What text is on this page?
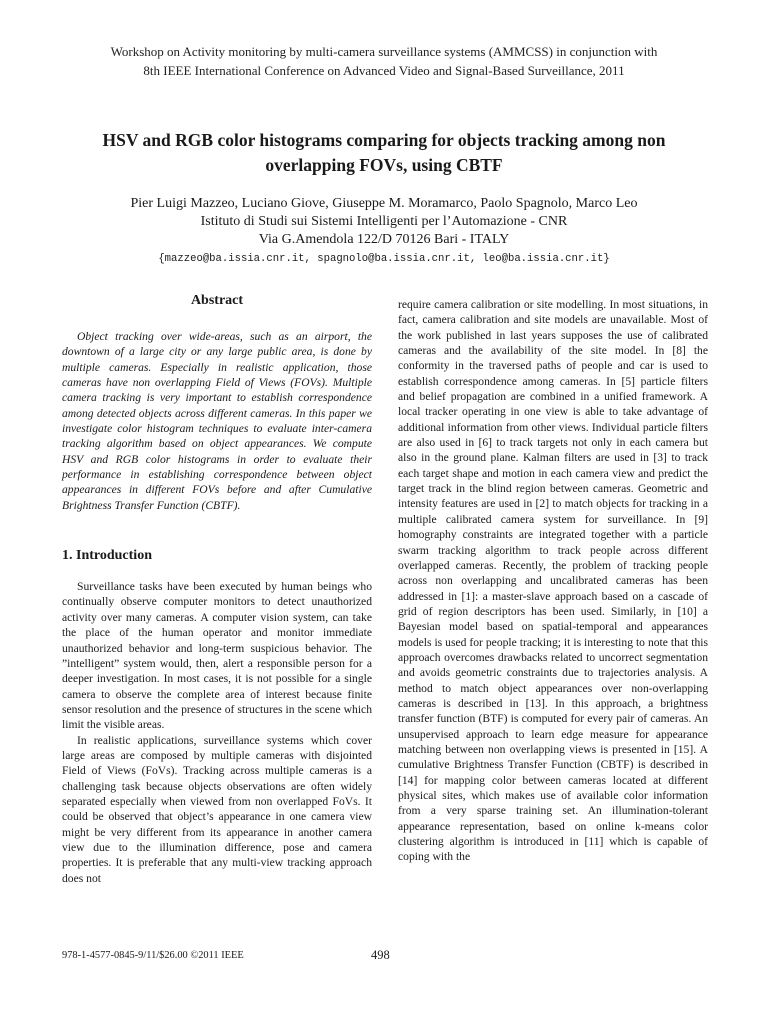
Workshop on Activity monitoring by multi-camera surveillance systems (AMMCSS) in conjunction with
8th IEEE International Conference on Advanced Video and Signal-Based Surveillance, 2011
HSV and RGB color histograms comparing for objects tracking among non
overlapping FOVs, using CBTF
Pier Luigi Mazzeo, Luciano Giove, Giuseppe M. Moramarco, Paolo Spagnolo, Marco Leo
Istituto di Studi sui Sistemi Intelligenti per l’Automazione - CNR
Via G.Amendola 122/D 70126 Bari - ITALY
{mazzeo@ba.issia.cnr.it, spagnolo@ba.issia.cnr.it, leo@ba.issia.cnr.it}
Abstract

Object tracking over wide-areas, such as an airport, the downtown of a large city or any large public area, is done by multiple cameras. Especially in realistic application, those cameras have non overlapping Field of Views (FOVs). Multiple camera tracking is very important to establish correspondence among detected objects across different cameras. In this paper we investigate color histogram techniques to evaluate inter-camera tracking algorithm based on object appearances. We compute HSV and RGB color histograms in order to evaluate their performance in establishing correspondence between object appearances in different FOVs before and after Cumulative Brightness Transfer Function (CBTF).

1. Introduction

Surveillance tasks have been executed by human beings who continually observe computer monitors to detect unauthorized activity over many cameras. A computer vision system, can take the place of the human operator and monitor immediate unauthorized behavior and long-term suspicious behavior. The ”intelligent” system would, then, alert a responsible person for a deeper investigation. In most cases, it is not possible for a single camera to observe the complete area of interest because finite sensor resolution and the presence of structures in the scene which limit the visible areas.

In realistic applications, surveillance systems which cover large areas are composed by multiple cameras with disjointed Field of Views (FoVs). Tracking across multiple cameras is a challenging task because objects observations are often widely separated especially when viewed from non overlapped FoVs. It could be observed that object’s appearance in one camera view might be very different from its appearance in another camera view due to the illumination difference, pose and camera properties. It is preferable that any multi-view tracking approach does not

require camera calibration or site modelling. In most situations, in fact, camera calibration and site models are unavailable. Most of the work published in last years supposes the use of calibrated cameras and the availability of the site model. In [8] the conformity in the traversed paths of people and car is used to establish correspondence among cameras. In [5] particle filters and belief propagation are combined in a unified framework. A local tracker operating in one view is able to take advantage of additional information from other views. Individual particle filters are also used in [6] to track targets not only in each camera but also in the ground plane. Kalman filters are used in [3] to track each target shape and motion in each camera view and predict the target track in the blind region between cameras. Geometric and intensity features are used in [2] to match objects for tracking in a multiple calibrated camera system for surveillance. In [9] homography constraints are integrated together with a particle swarm tracking algorithm to track people across different overlapped cameras. Recently, the problem of tracking people across non overlapping and uncalibrated cameras has been addressed in [1]: a master-slave approach based on a cascade of grid of region descriptors has been used. Similarly, in [10] a Bayesian model based on spatial-temporal and appearances models is used for people tracking; it is interesting to note that this approach overcomes drawbacks related to uncorrect segmentation and avoids geometric constraints due to trajectories analysis. A method to match object appearances over non-overlapping cameras is described in [13]. In this approach, a brightness transfer function (BTF) is computed for every pair of cameras. An unsupervised approach to learn edge measure for appearance matching between non overlapping views is presented in [15]. A cumulative Brightness Transfer Function (CBTF) is described in [14] for mapping color between cameras located at different physical sites, which makes use of available color information from a very sparse training set. An illumination-tolerant appearance representation, based on online k-means color clustering algorithm is introduced in [11] which is capable of coping with the

978-1-4577-0845-9/11/$26.00 ©2011 IEEE	498
